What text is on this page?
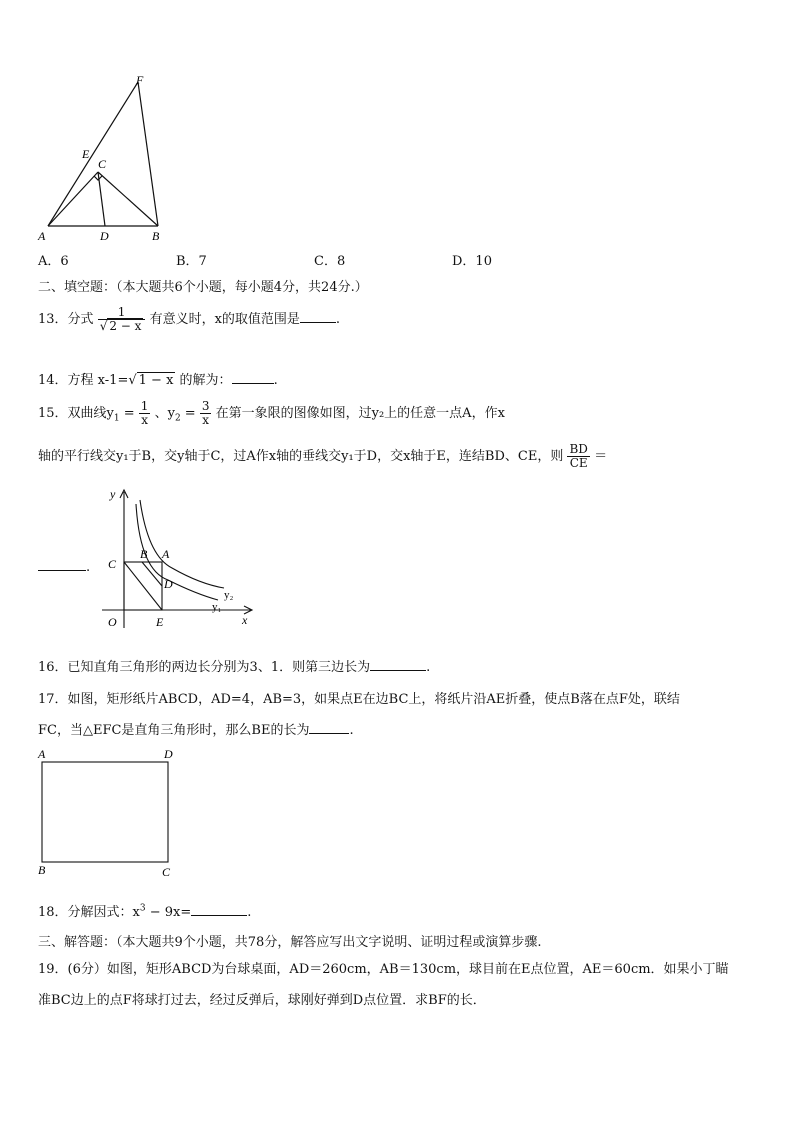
F
E
C
A	D	B
A．6	B．7	C．8	D．10
二、填空题：（本大题共6个小题，每小题4分，共24分.）
13．分式 $\frac{1}{√ 2 - x}$ 有意义时，x的取值范围是	.
14．方程 x-1=√ 1 − x 的解为：	.
15．双曲线$y_1 = \frac{1}{x}$ 、$y_2 = \frac{3}{x}$ 在第一象限的图像如图，过y₂上的任意一点A，作x
轴的平行线交y₁于B，交y轴于C，过A作x轴的垂线交y₁于D，交x轴于E，连结BD、CE，则 $\frac{BD}{CE}$ ＝
y
x
O
C
B A
D
E
y₂
y₁
.
16．已知直角三角形的两边长分别为3、1．则第三边长为	.
17．如图，矩形纸片ABCD，AD=4，AB=3，如果点E在边BC上，将纸片沿AE折叠，使点B落在点F处，联结
FC，当△EFC是直角三角形时，那么BE的长为	.
A	D
B	C
18．分解因式：$x^3 - 9x=$	.
三、解答题：（本大题共9个小题，共78分，解答应写出文字说明、证明过程或演算步骤.
19．(6分）如图，矩形ABCD为台球桌面，AD＝260cm，AB＝130cm，球目前在E点位置，AE＝60cm．如果小丁瞄
准BC边上的点F将球打过去，经过反弹后，球刚好弹到D点位置．求BF的长．
